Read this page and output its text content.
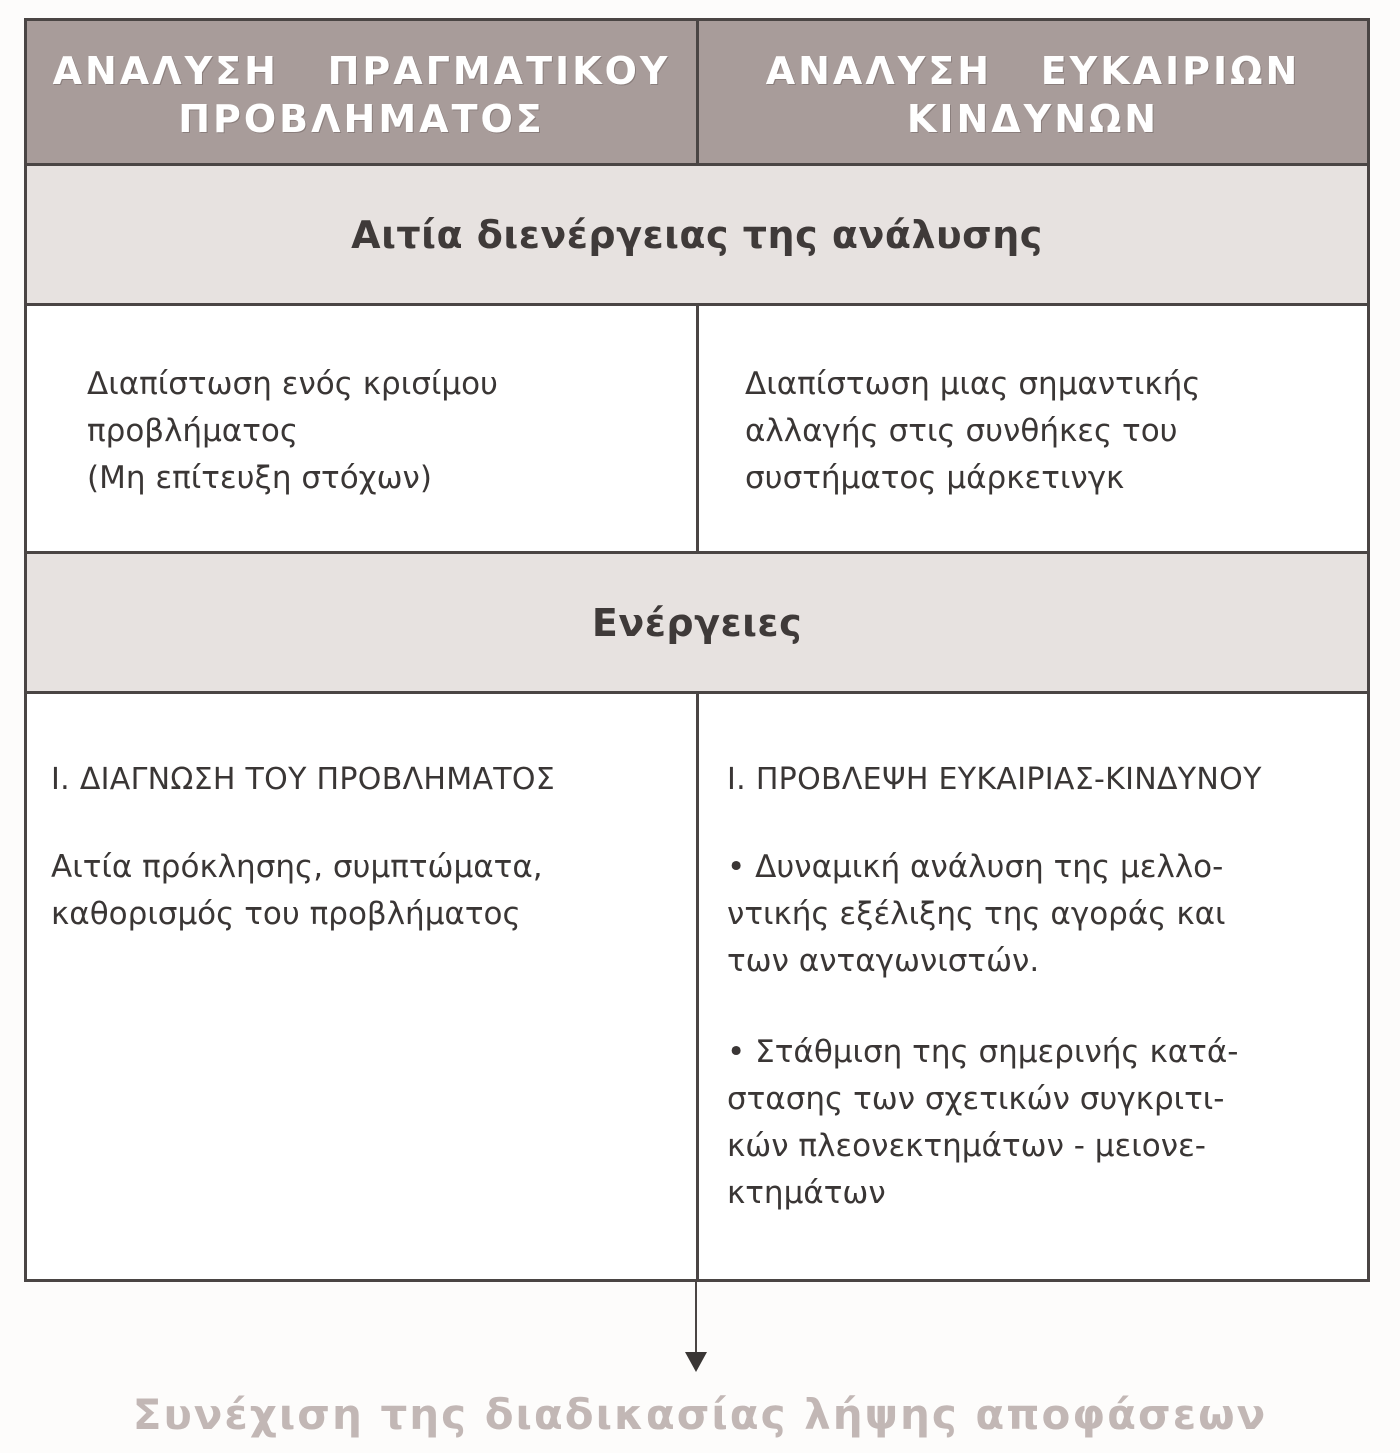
ΑΝΑΛΥΣΗ   ΠΡΑΓΜΑΤΙΚΟΥ
ΠΡΟΒΛΗΜΑΤΟΣ
ΑΝΑΛΥΣΗ   ΕΥΚΑΙΡΙΩΝ
ΚΙΝΔΥΝΩΝ
Αιτία διενέργειας της ανάλυσης
Διαπίστωση ενός κρισίμου
προβλήματος
(Μη επίτευξη στόχων)
Διαπίστωση μιας σημαντικής
αλλαγής στις συνθήκες του
συστήματος μάρκετινγκ
Ενέργειες
Ι. ΔΙΑΓΝΩΣΗ ΤΟΥ ΠΡΟΒΛΗΜΑΤΟΣ
Αιτία πρόκλησης, συμπτώματα,
καθορισμός του προβλήματος
Ι. ΠΡΟΒΛΕΨΗ ΕΥΚΑΙΡΙΑΣ-ΚΙΝΔΥΝΟΥ
• Δυναμική ανάλυση της μελλο-
ντικής εξέλιξης της αγοράς και
των ανταγωνιστών.
• Στάθμιση της σημερινής κατά-
στασης των σχετικών συγκριτι-
κών πλεονεκτημάτων - μειονε-
κτημάτων
Συνέχιση της διαδικασίας λήψης αποφάσεων
